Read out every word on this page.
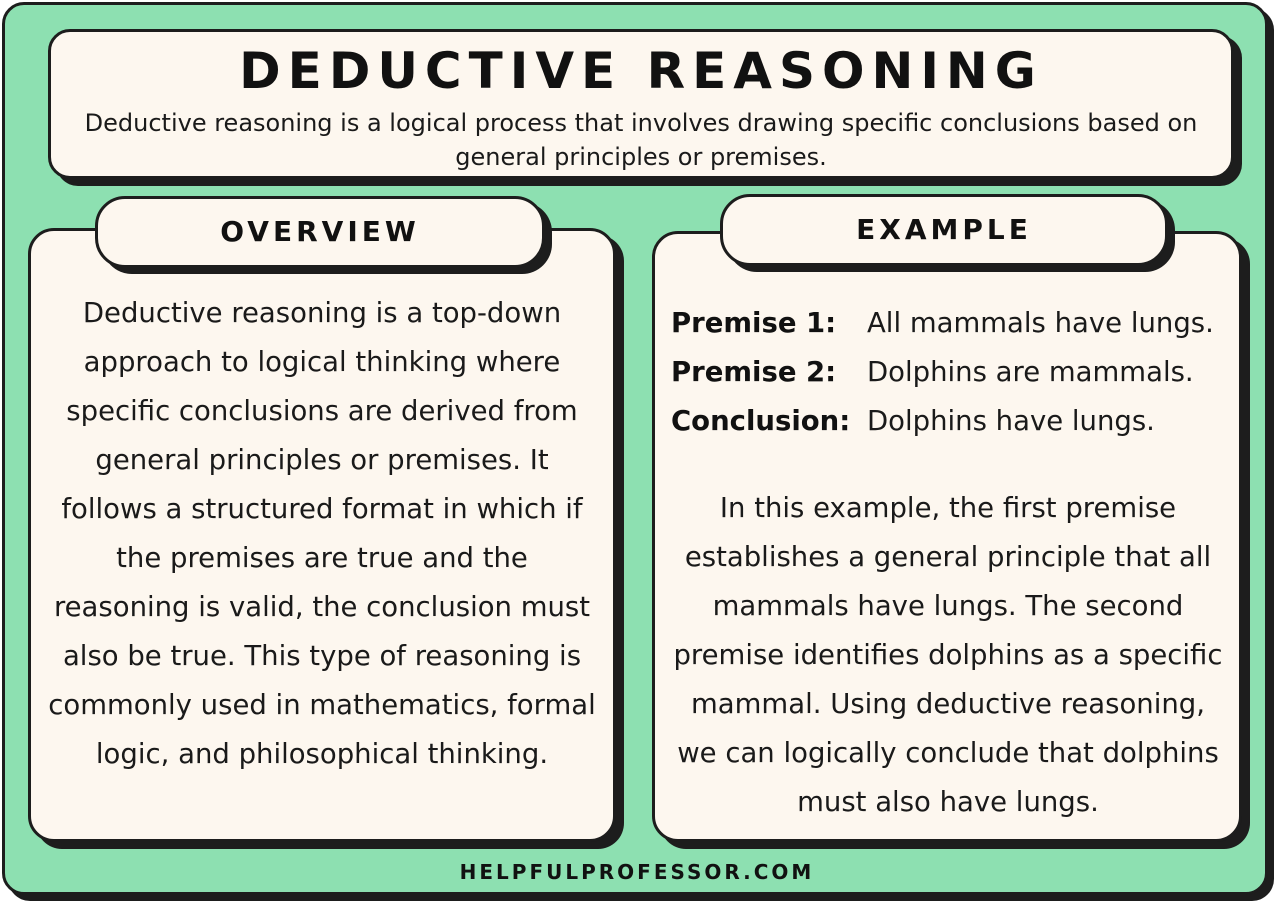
DEDUCTIVE REASONING
Deductive reasoning is a logical process that involves drawing specific conclusions based on general principles or premises.
Deductive reasoning is a top-down approach to logical thinking where specific conclusions are derived from general principles or premises. It follows a structured format in which if the premises are true and the reasoning is valid, the conclusion must also be true. This type of reasoning is commonly used in mathematics, formal logic, and philosophical thinking.
Premise 1:	All mammals have lungs.
Premise 2:	Dolphins are mammals.
Conclusion: Dolphins have lungs.
In this example, the first premise establishes a general principle that all mammals have lungs. The second premise identifies dolphins as a specific mammal. Using deductive reasoning, we can logically conclude that dolphins must also have lungs.
OVERVIEW	EXAMPLE
HELPFULPROFESSOR.COM
